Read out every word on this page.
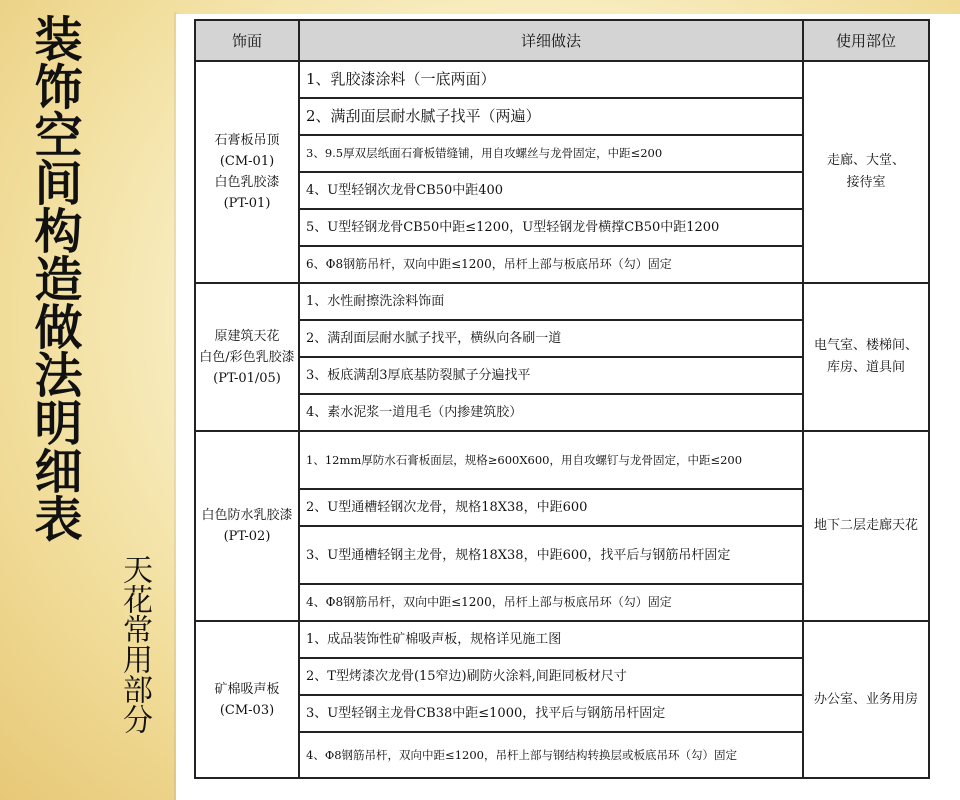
装饰空间构造做法明细表
天花常用部分
饰面	详细做法	使用部位

石膏板吊顶
(CM-01)
白色乳胶漆
(PT-01)	1、乳胶漆涂料（一底两面）	走廊、大堂、
接待室

	2、满刮面层耐水腻子找平（两遍）	
	3、9.5厚双层纸面石膏板错缝铺，用自攻螺丝与龙骨固定，中距≤200	
	4、U型轻钢次龙骨CB50中距400	
	5、U型轻钢龙骨CB50中距≤1200，U型轻钢龙骨横撑CB50中距1200	
	6、Φ8钢筋吊杆，双向中距≤1200，吊杆上部与板底吊环（勾）固定	

原建筑天花
白色/彩色乳胶漆
(PT-01/05)	1、水性耐擦洗涂料饰面	电气室、楼梯间、
库房、道具间

	2、满刮面层耐水腻子找平，横纵向各刷一道	
	3、板底满刮3厚底基防裂腻子分遍找平	
	4、素水泥浆一道甩毛（内掺建筑胶）	

白色防水乳胶漆
(PT-02)	1、12mm厚防水石膏板面层，规格≥600X600，用自攻螺钉与龙骨固定，中距≤200	地下二层走廊天花

	2、U型通槽轻钢次龙骨，规格18X38，中距600	
	3、U型通槽轻钢主龙骨，规格18X38，中距600，找平后与钢筋吊杆固定	
	4、Φ8钢筋吊杆，双向中距≤1200，吊杆上部与板底吊环（勾）固定	

矿棉吸声板
(CM-03)	1、成品装饰性矿棉吸声板，规格详见施工图	办公室、业务用房

	2、T型烤漆次龙骨(15窄边)刷防火涂料,间距同板材尺寸	
	3、U型轻钢主龙骨CB38中距≤1000，找平后与钢筋吊杆固定	
	4、Φ8钢筋吊杆，双向中距≤1200，吊杆上部与钢结构转换层或板底吊环（勾）固定	
